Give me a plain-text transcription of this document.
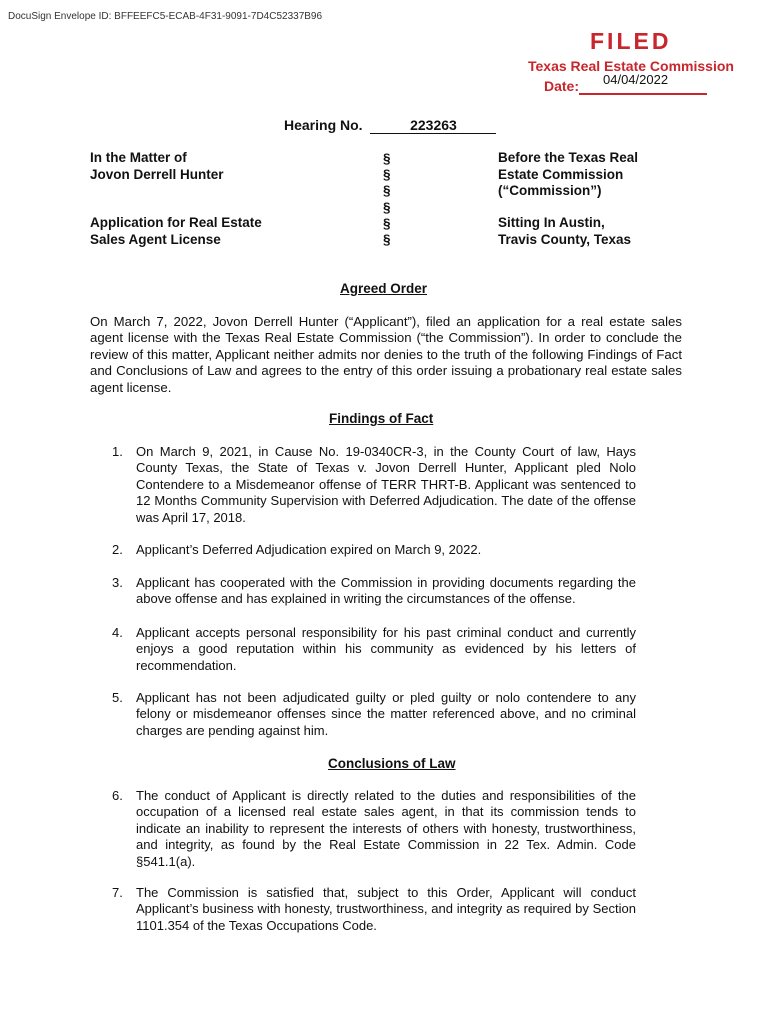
DocuSign Envelope ID: BFFEEFC5-ECAB-4F31-9091-7D4C52337B96
FILED
Texas Real Estate Commission
Date: 04/04/2022
Hearing No.	223263
In the Matter of
Jovon Derrell Hunter
Application for Real Estate
Sales Agent License
§
§
§
§
§
§
Before the Texas Real
Estate Commission
(“Commission”)
Sitting In Austin,
Travis County, Texas
Agreed Order
On March 7, 2022, Jovon Derrell Hunter (“Applicant”), filed an application for a real estate sales agent license with the Texas Real Estate Commission (“the Commission”). In order to conclude the review of this matter, Applicant neither admits nor denies to the truth of the following Findings of Fact and Conclusions of Law and agrees to the entry of this order issuing a probationary real estate sales agent license.
Findings of Fact
1. On March 9, 2021, in Cause No. 19-0340CR-3, in the County Court of law, Hays County Texas, the State of Texas v. Jovon Derrell Hunter, Applicant pled Nolo Contendere to a Misdemeanor offense of TERR THRT-B. Applicant was sentenced to 12 Months Community Supervision with Deferred Adjudication. The date of the offense was April 17, 2018.
2. Applicant’s Deferred Adjudication expired on March 9, 2022.
3. Applicant has cooperated with the Commission in providing documents regarding the above offense and has explained in writing the circumstances of the offense.
4. Applicant accepts personal responsibility for his past criminal conduct and currently enjoys a good reputation within his community as evidenced by his letters of recommendation.
5. Applicant has not been adjudicated guilty or pled guilty or nolo contendere to any felony or misdemeanor offenses since the matter referenced above, and no criminal charges are pending against him.
Conclusions of Law
6. The conduct of Applicant is directly related to the duties and responsibilities of the occupation of a licensed real estate sales agent, in that its commission tends to indicate an inability to represent the interests of others with honesty, trustworthiness, and integrity, as found by the Real Estate Commission in 22 Tex. Admin. Code §541.1(a).
7. The Commission is satisfied that, subject to this Order, Applicant will conduct Applicant’s business with honesty, trustworthiness, and integrity as required by Section 1101.354 of the Texas Occupations Code.
